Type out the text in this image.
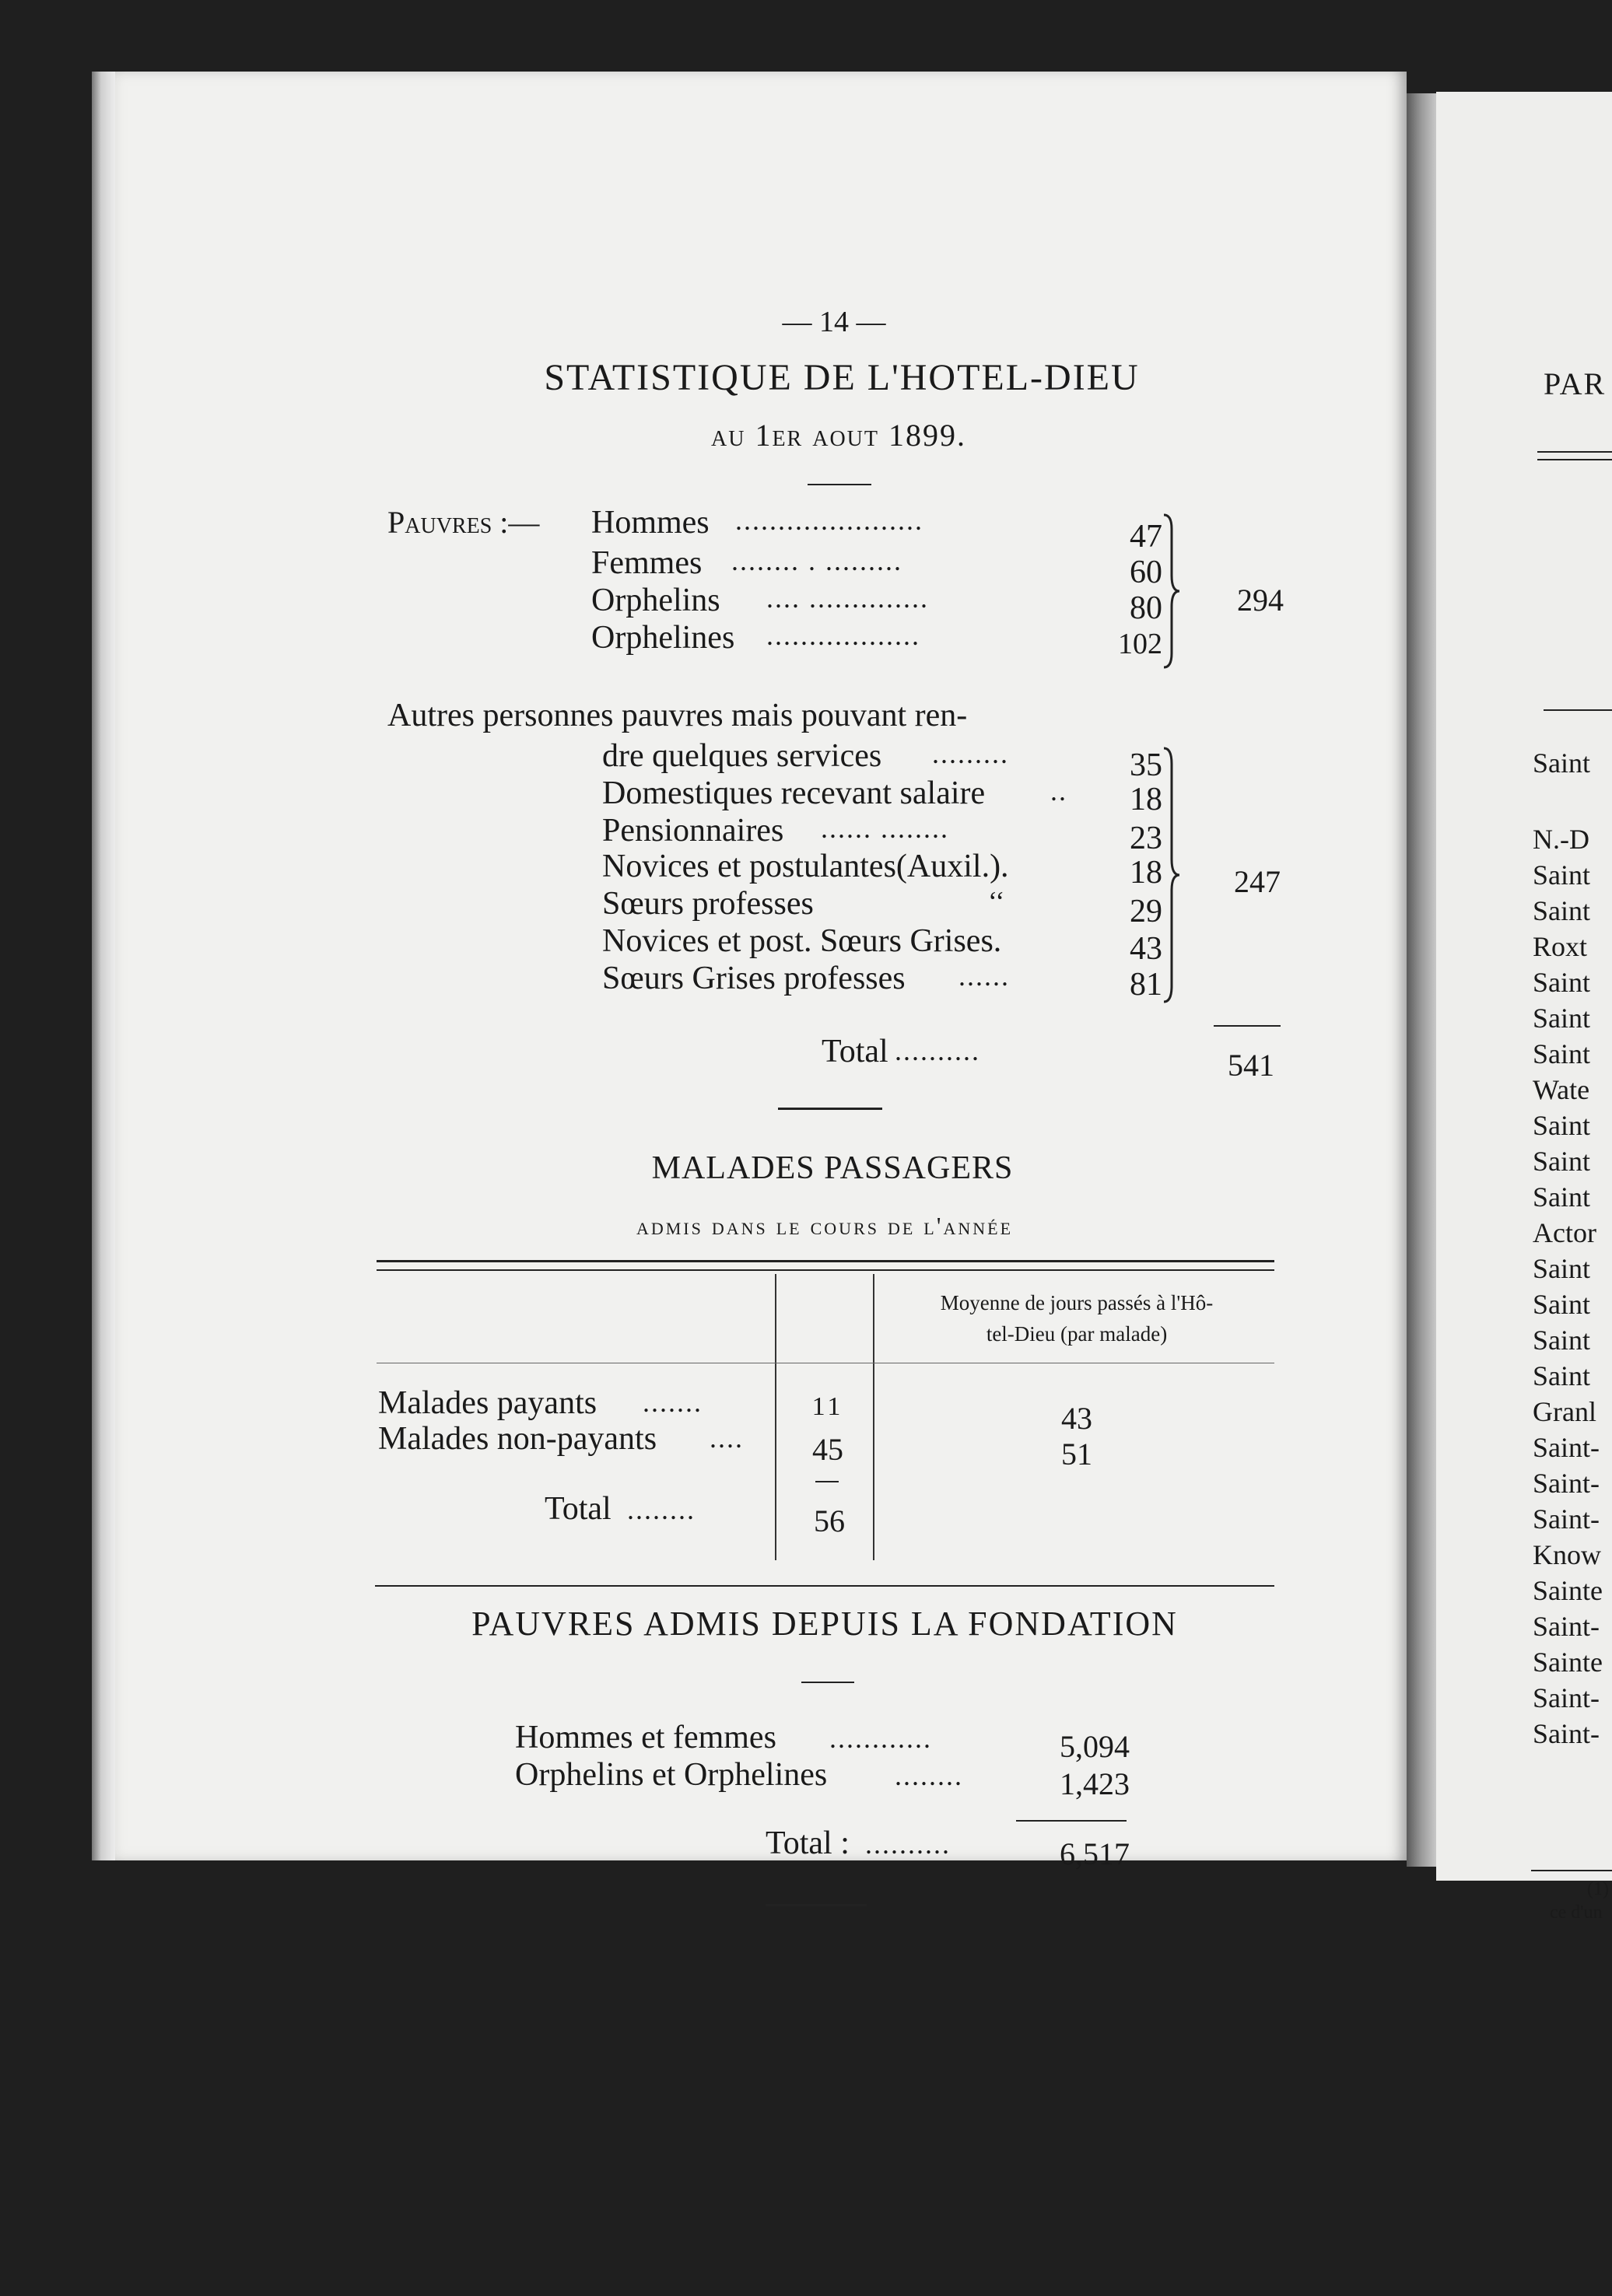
— 14 —
STATISTIQUE DE L'HOTEL-DIEU
au 1er aout 1899.
Pauvres :— Hommes ......................	47
Femmes ........ . .........	60
Orphelins .... ..............	80
Orphelines ..................	102
294
Autres personnes pauvres mais pouvant ren-
dre quelques services .........	35
Domestiques recevant salaire .. 18
Pensionnaires ...... ........	23
Novices et postulantes(Auxil.).	18
Sœurs professes	‘‘	29
Novices et post. Sœurs Grises.	43
Sœurs Grises professes ......	81
247
Total ..........	541
MALADES PASSAGERS
admis dans le cours de l'année
Moyenne de jours passés à l'Hô-
tel-Dieu (par malade)
Malades payants .......	11	43
Malades non-payants .... 45	51
Total ........	56
PAUVRES ADMIS DEPUIS LA FONDATION
Hommes et femmes ............	5,094
Orphelins et Orphelines ........	1,423
Total : ..........	6,517
PAR
Saint
N.-D
Saint
Saint
Roxt
Saint
Saint
Saint
Wate
Saint
Saint
Saint
Actor
Saint
Saint
Saint
Saint
Granl
Saint-
Saint-
Saint-
Know
Sainte
Saint-
Sainte
Saint-
Saint-
(1)
ce d'un
